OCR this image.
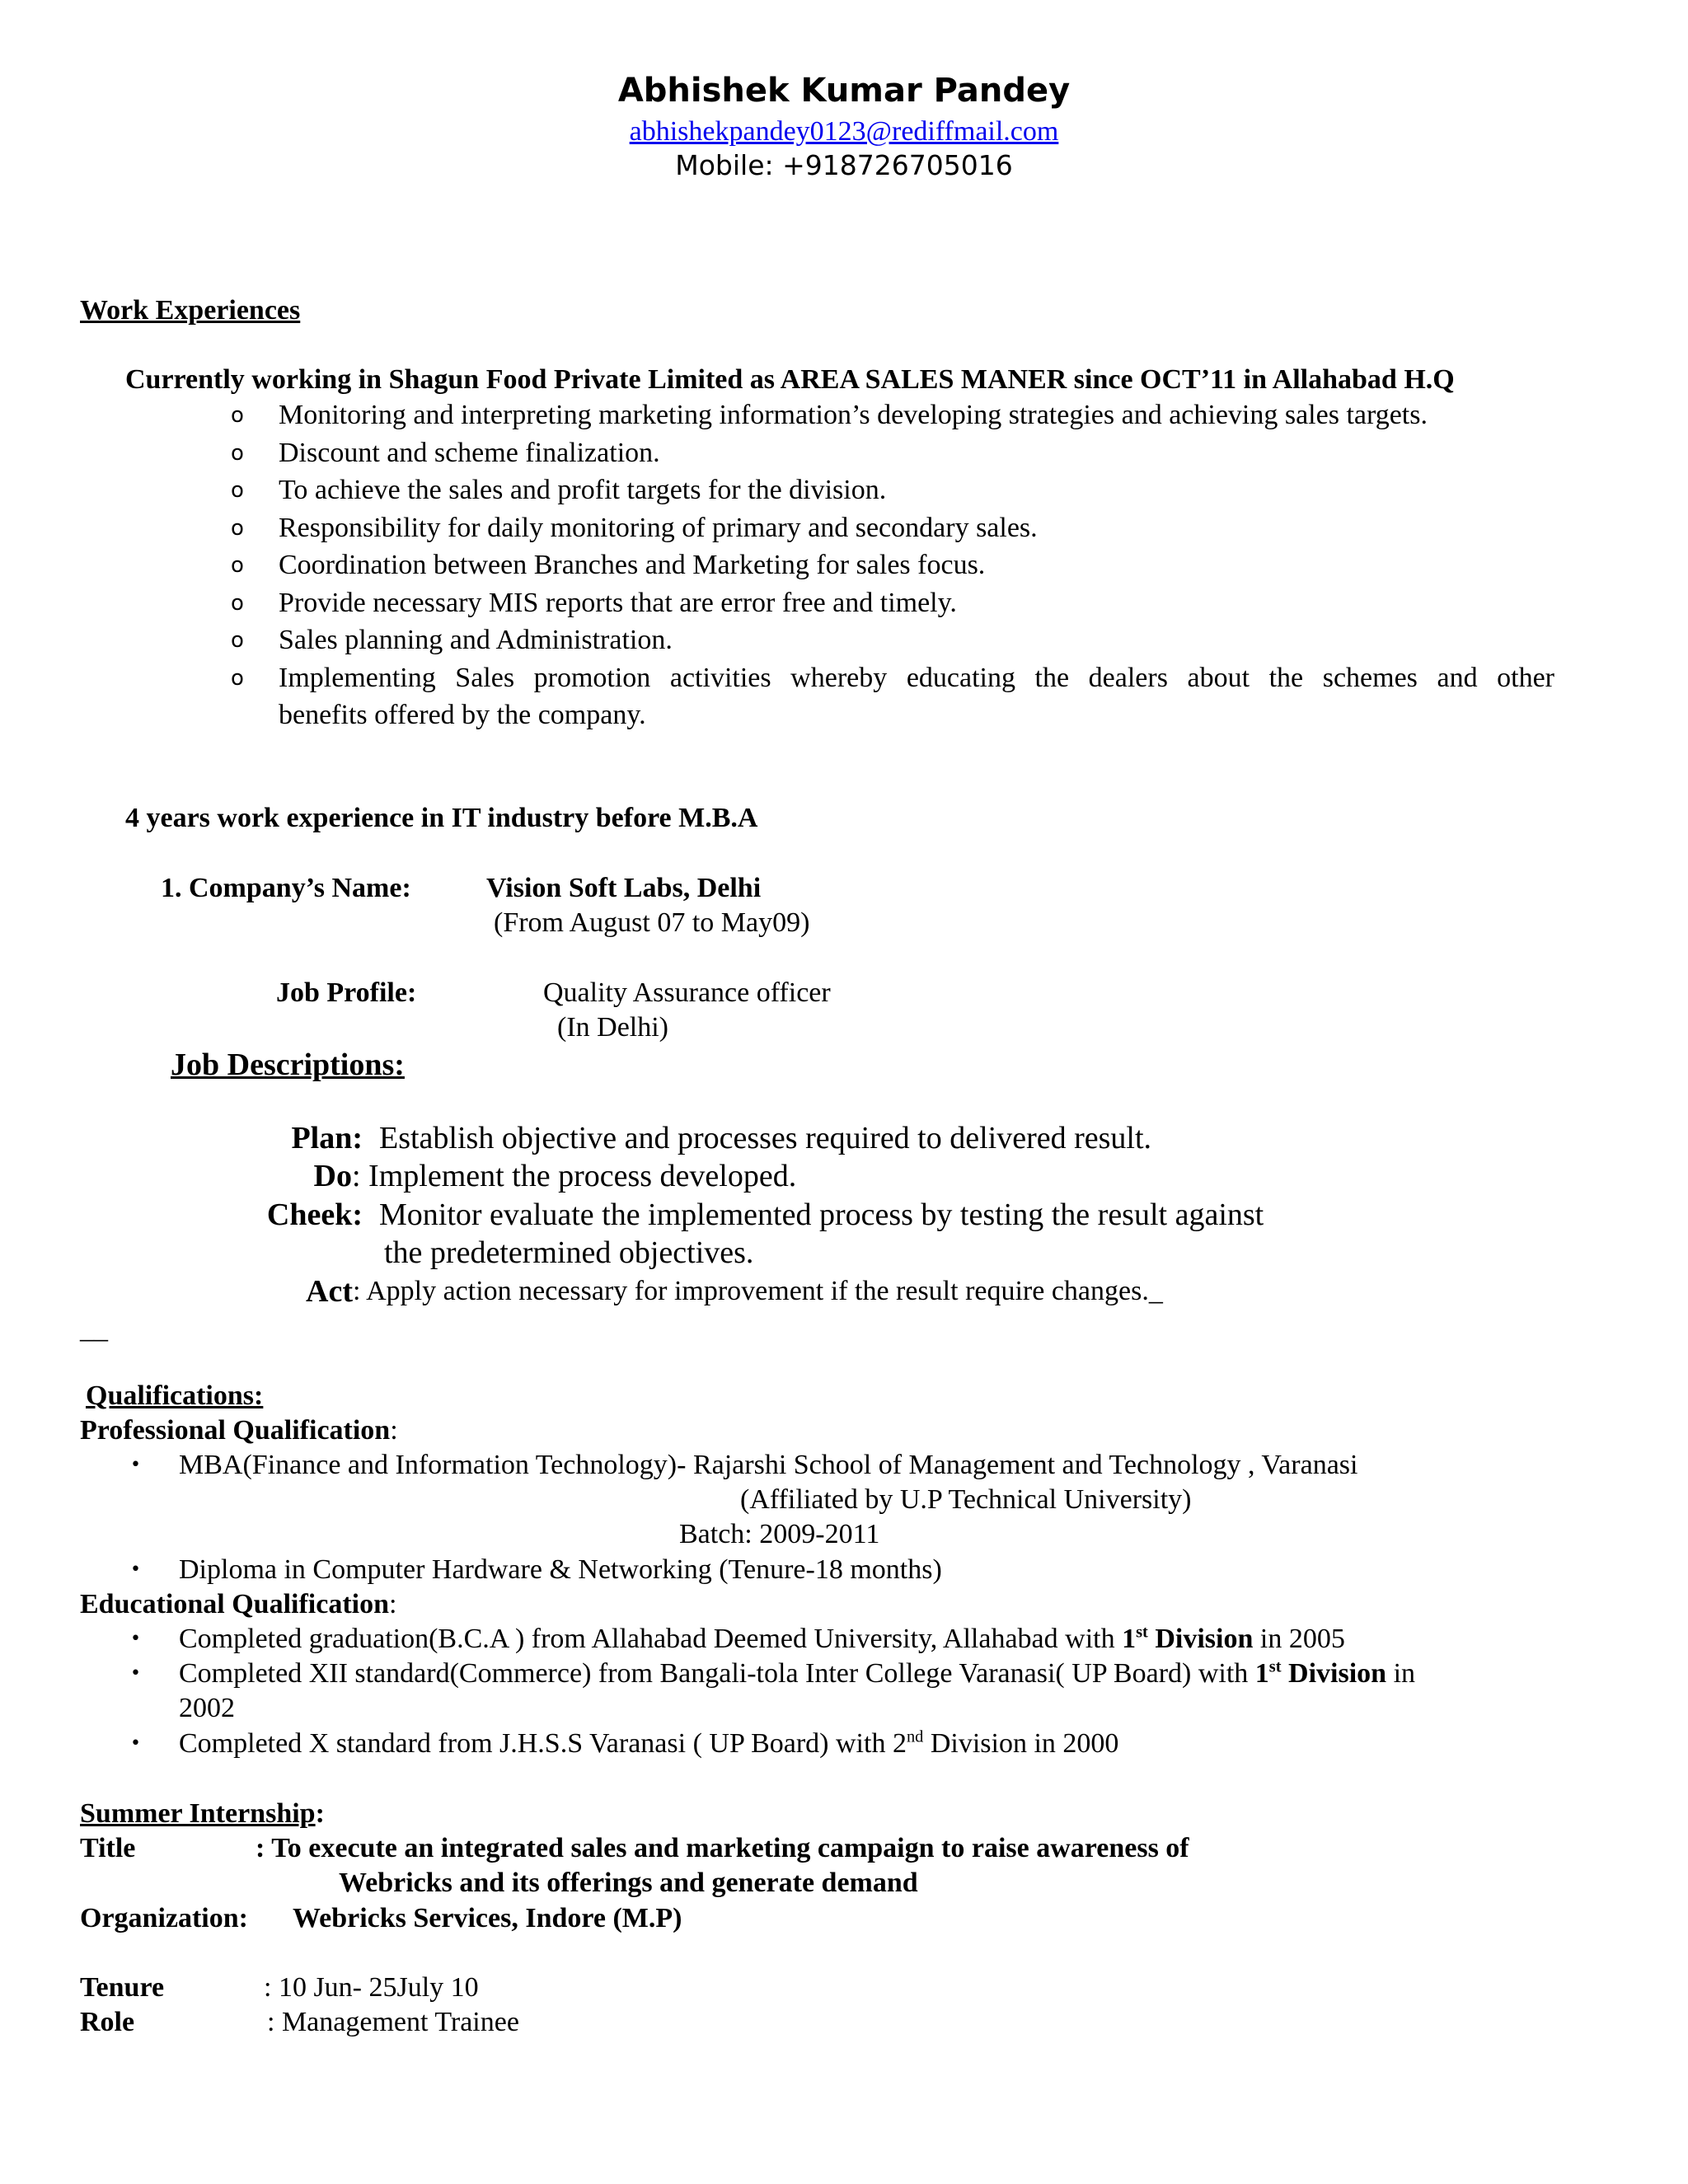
Abhishek Kumar Pandey
abhishekpandey0123@rediffmail.com
Mobile: +918726705016
Work Experiences
Currently working in Shagun Food Private Limited as AREA SALES MANER since OCT’11 in Allahabad H.Q
o Monitoring and interpreting marketing information’s developing strategies and achieving sales targets.
o Discount and scheme finalization.
o To achieve the sales and profit targets for the division.
o Responsibility for daily monitoring of primary and secondary sales.
o Coordination between Branches and Marketing for sales focus.
o Provide necessary MIS reports that are error free and timely.
o Sales planning and Administration.
o Implementing Sales promotion activities whereby educating the dealers about the schemes and other
benefits offered by the company.
4 years work experience in IT industry before M.B.A
1. Company’s Name:	Vision Soft Labs, Delhi
(From August 07 to May09)
Job Profile:	Quality Assurance officer
(In Delhi)
Job Descriptions:
Plan: Establish objective and processes required to delivered result.
Do : Implement the process developed.
Cheek: Monitor evaluate the implemented process by testing the result against
the predetermined objectives.
Act : Apply action necessary for improvement if the result require changes._
__
Qualifications:
Professional Qualification:
• MBA(Finance and Information Technology)- Rajarshi School of Management and Technology , Varanasi
(Affiliated by U.P Technical University)
Batch: 2009-2011
• Diploma in Computer Hardware & Networking (Tenure-18 months)
Educational Qualification:
• Completed graduation(B.C.A ) from Allahabad Deemed University, Allahabad with 1st Division in 2005
• Completed XII standard(Commerce) from Bangali-tola Inter College Varanasi( UP Board) with 1st Division in
2002
• Completed X standard from J.H.S.S Varanasi ( UP Board) with 2nd Division in 2000
Summer Internship:
Title	: To execute an integrated sales and marketing campaign to raise awareness of
Webricks and its offerings and generate demand
Organization: Webricks Services, Indore (M.P)
Tenure	: 10 Jun- 25July 10
Role	: Management Trainee
